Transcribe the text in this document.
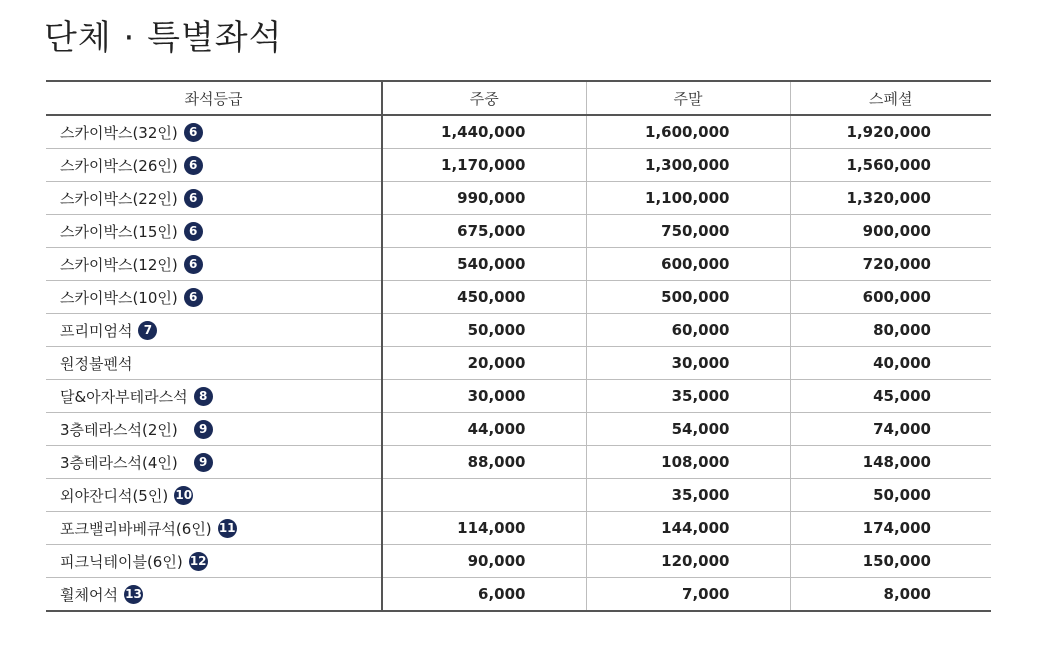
단체 · 특별좌석
좌석등급	주중	주말	스페셜
스카이박스(32인) 6	1,440,000	1,600,000	1,920,000
스카이박스(26인) 6	1,170,000	1,300,000	1,560,000
스카이박스(22인) 6	990,000	1,100,000	1,320,000
스카이박스(15인) 6	675,000	750,000	900,000
스카이박스(12인) 6	540,000	600,000	720,000
스카이박스(10인) 6	450,000	500,000	600,000
프리미엄석 7	50,000	60,000	80,000
원정불펜석	20,000	30,000	40,000
달&아자부테라스석 8	30,000	35,000	45,000
3층테라스석(2인) 9	44,000	54,000	74,000
3층테라스석(4인) 9	88,000	108,000	148,000
외야잔디석(5인) 10		35,000	50,000
포크밸리바베큐석(6인) 11	114,000	144,000	174,000
피크닉테이블(6인) 12	90,000	120,000	150,000
휠체어석 13	6,000	7,000	8,000
